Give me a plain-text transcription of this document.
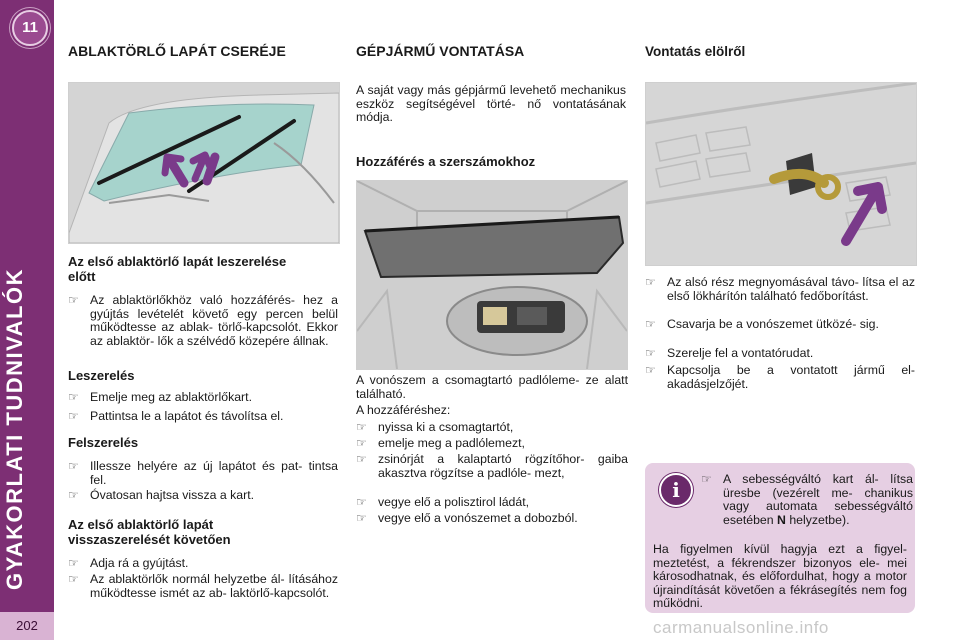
11
GYAKORLATI TUDNIVALÓK
202
ABLAKTÖRLŐ LAPÁT CSERÉJE
Az első ablaktörlő lapát leszerelése előtt
☞ Az ablaktörlőkhöz való hozzáférés- hez a gyújtás levételét követő egy percen belül működtesse az ablak- törlő-kapcsolót. Ekkor az ablaktör- lők a szélvédő közepére állnak.
Leszerelés
☞ Emelje meg az ablaktörlőkart.
☞ Pattintsa le a lapátot és távolítsa el.
Felszerelés
☞ Illessze helyére az új lapátot és pat- tintsa fel.
☞ Óvatosan hajtsa vissza a kart.
Az első ablaktörlő lapát visszaszerelését követően
☞ Adja rá a gyújtást.
☞ Az ablaktörlők normál helyzetbe ál- lításához működtesse ismét az ab- laktörlő-kapcsolót.
GÉPJÁRMŰ VONTATÁSA
A saját vagy más gépjármű levehető mechanikus eszköz segítségével törté- nő vontatásának módja.
Hozzáférés a szerszámokhoz
A vonószem a csomagtartó padlóleme- ze alatt található.
A hozzáféréshez:
☞ nyissa ki a csomagtartót,
☞ emelje meg a padlólemezt,
☞ zsinórját a kalaptartó rögzítőhor- gaiba akasztva rögzítse a padlóle- mezt,
☞ vegye elő a polisztirol ládát,
☞ vegye elő a vonószemet a dobozból.
Vontatás elölről
☞ Az alsó rész megnyomásával távo- lítsa el az első lökhárítón található fedőborítást.
☞ Csavarja be a vonószemet ütközé- sig.
☞ Szerelje fel a vontatórudat.
☞ Kapcsolja be a vontatott jármű el- akadásjelzőjét.
i
☞	A sebességváltó kart ál- lítsa üresbe (vezérelt me- chanikus vagy automata sebességváltó esetében N helyzetbe).
Ha figyelmen kívül hagyja ezt a figyel- meztetést, a fékrendszer bizonyos ele- mei károsodhatnak, és előfordulhat, hogy a motor újraindítását követően a fékrásegítés nem fog működni.
carmanualsonline.info
